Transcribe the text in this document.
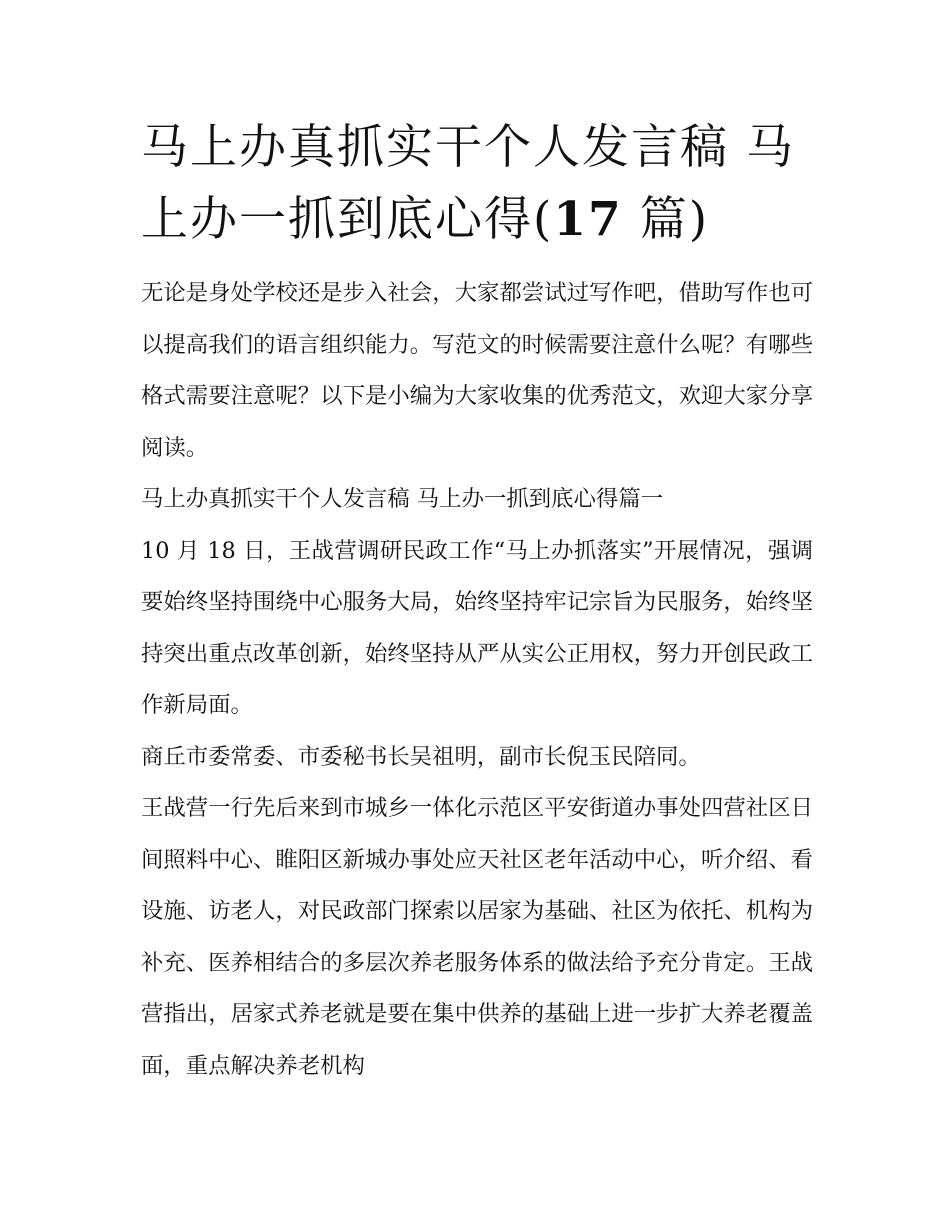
马上办真抓实干个人发言稿 马上办一抓到底心得(17 篇)

无论是身处学校还是步入社会，大家都尝试过写作吧，借助写作也可以提高我们的语言组织能力。写范文的时候需要注意什么呢？有哪些格式需要注意呢？以下是小编为大家收集的优秀范文，欢迎大家分享阅读。

马上办真抓实干个人发言稿 马上办一抓到底心得篇一

10 月 18 日，王战营调研民政工作“马上办抓落实”开展情况，强调要始终坚持围绕中心服务大局，始终坚持牢记宗旨为民服务，始终坚持突出重点改革创新，始终坚持从严从实公正用权，努力开创民政工作新局面。

商丘市委常委、市委秘书长吴祖明，副市长倪玉民陪同。

王战营一行先后来到市城乡一体化示范区平安街道办事处四营社区日间照料中心、睢阳区新城办事处应天社区老年活动中心，听介绍、看设施、访老人，对民政部门探索以居家为基础、社区为依托、机构为补充、医养相结合的多层次养老服务体系的做法给予充分肯定。王战营指出，居家式养老就是要在集中供养的基础上进一步扩大养老覆盖面，重点解决养老机构
